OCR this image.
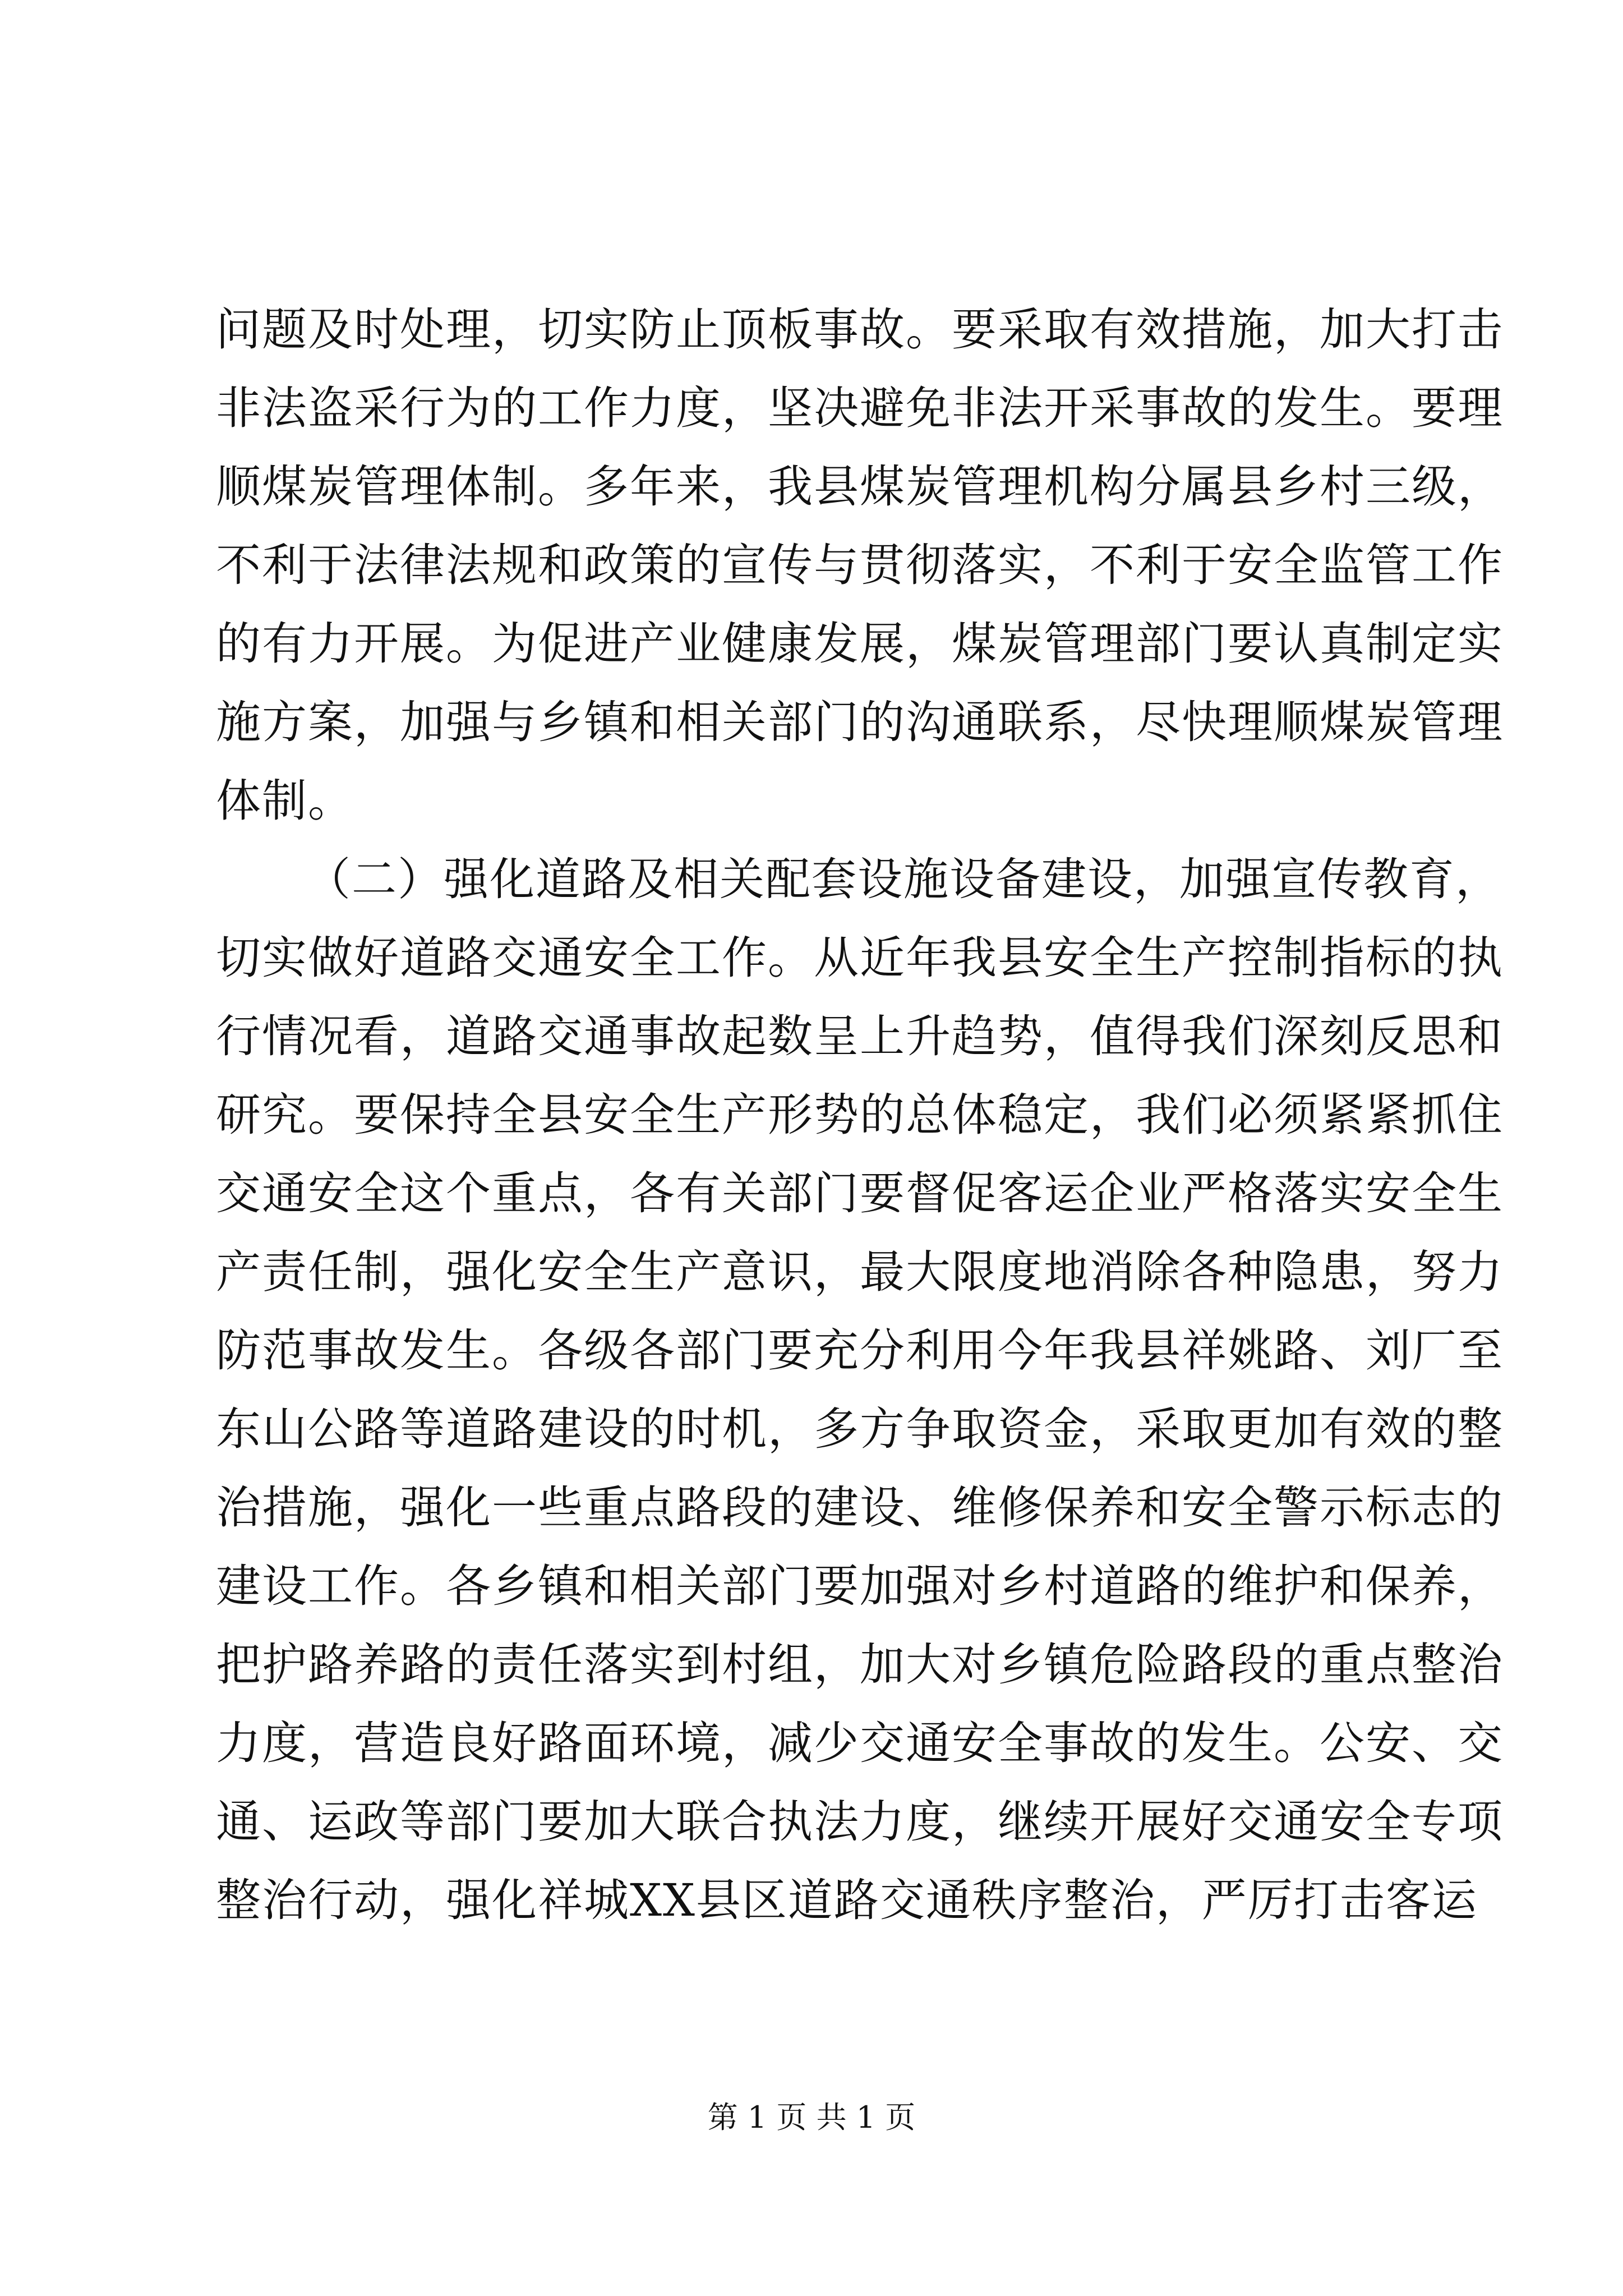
问题及时处理，切实防止顶板事故。要采取有效措施，加大打击
非法盗采行为的工作力度，坚决避免非法开采事故的发生。要理
顺煤炭管理体制。多年来，我县煤炭管理机构分属县乡村三级，
不利于法律法规和政策的宣传与贯彻落实，不利于安全监管工作
的有力开展。为促进产业健康发展，煤炭管理部门要认真制定实
施方案，加强与乡镇和相关部门的沟通联系，尽快理顺煤炭管理
体制。
（二）强化道路及相关配套设施设备建设，加强宣传教育，
切实做好道路交通安全工作。从近年我县安全生产控制指标的执
行情况看，道路交通事故起数呈上升趋势，值得我们深刻反思和
研究。要保持全县安全生产形势的总体稳定，我们必须紧紧抓住
交通安全这个重点，各有关部门要督促客运企业严格落实安全生
产责任制，强化安全生产意识，最大限度地消除各种隐患，努力
防范事故发生。各级各部门要充分利用今年我县祥姚路、刘厂至
东山公路等道路建设的时机，多方争取资金，采取更加有效的整
治措施，强化一些重点路段的建设、维修保养和安全警示标志的
建设工作。各乡镇和相关部门要加强对乡村道路的维护和保养，
把护路养路的责任落实到村组，加大对乡镇危险路段的重点整治
力度，营造良好路面环境，减少交通安全事故的发生。公安、交
通、运政等部门要加大联合执法力度，继续开展好交通安全专项
整治行动，强化祥城XX县区道路交通秩序整治，严厉打击客运
第 1 页 共 1 页
